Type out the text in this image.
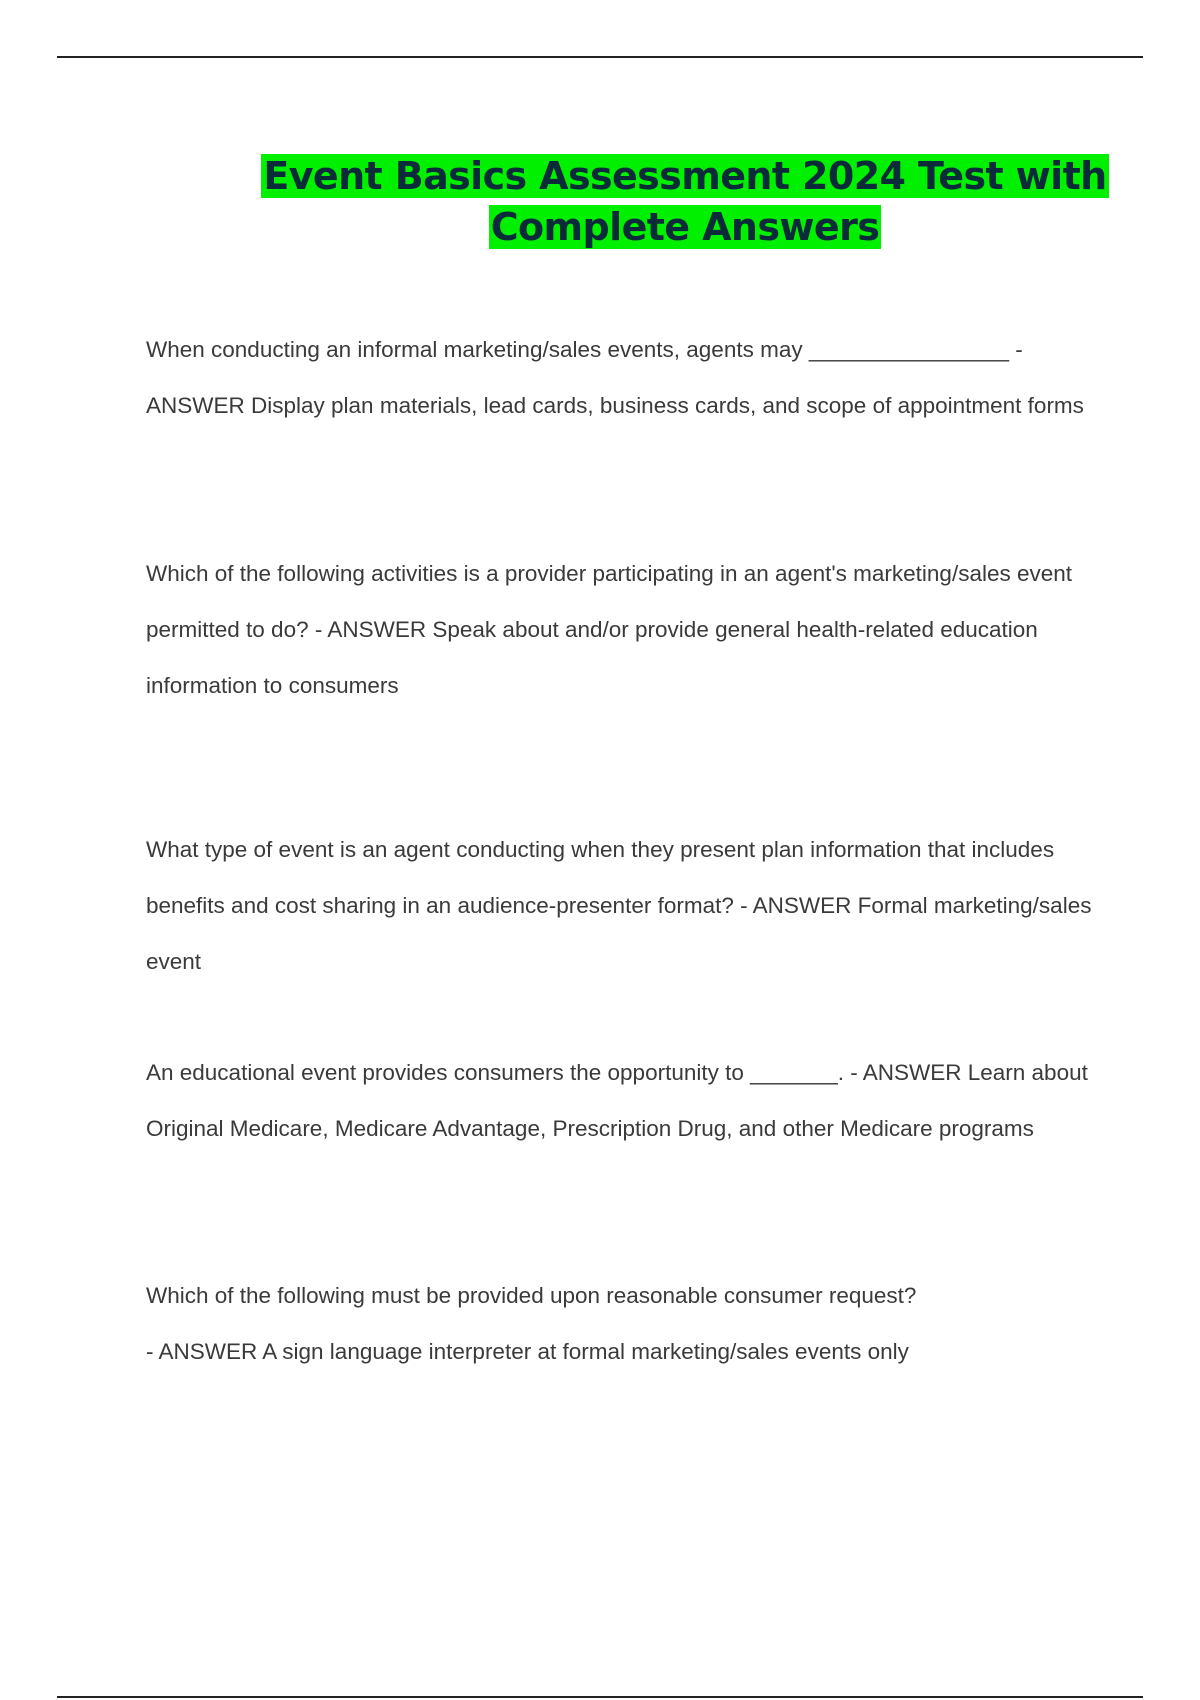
Event Basics Assessment 2024 Test with
Complete Answers

When conducting an informal marketing/sales events, agents may ________________ -
ANSWER Display plan materials, lead cards, business cards, and scope of appointment forms

Which of the following activities is a provider participating in an agent's marketing/sales event permitted to do? - ANSWER Speak about and/or provide general health-related education information to consumers

What type of event is an agent conducting when they present plan information that includes benefits and cost sharing in an audience-presenter format? - ANSWER Formal marketing/sales event

An educational event provides consumers the opportunity to _______. - ANSWER Learn about Original Medicare, Medicare Advantage, Prescription Drug, and other Medicare programs

Which of the following must be provided upon reasonable consumer request?
- ANSWER A sign language interpreter at formal marketing/sales events only
